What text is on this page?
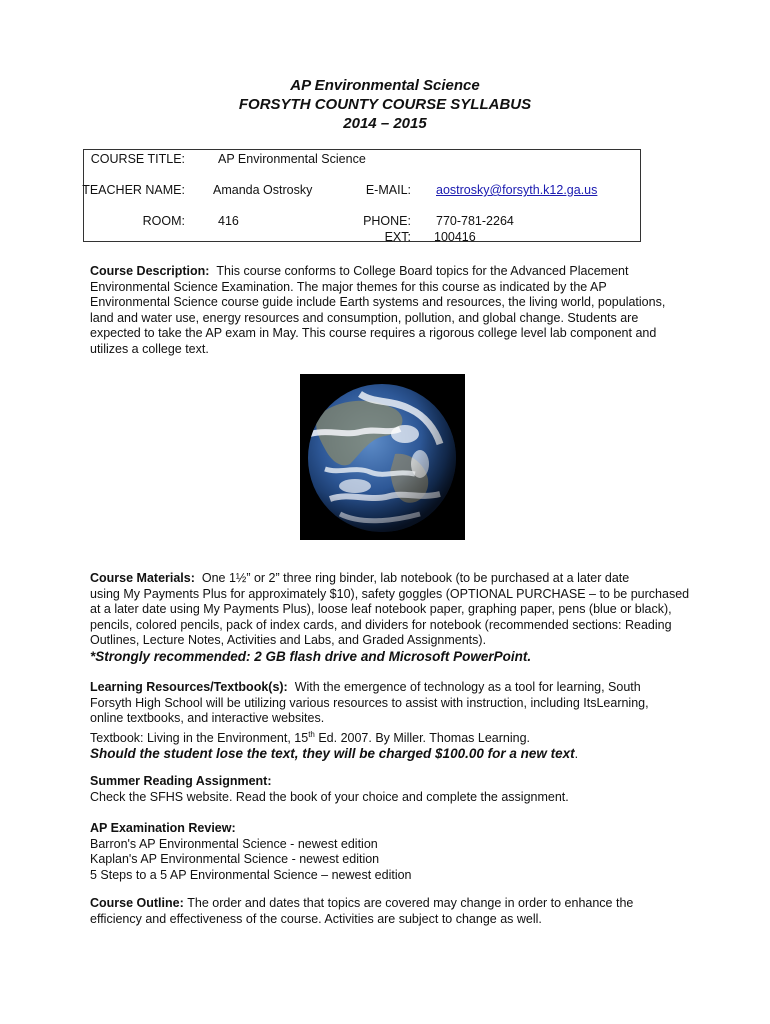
AP Environmental Science
FORSYTH COUNTY COURSE SYLLABUS
2014 – 2015
COURSE TITLE:	AP Environmental Science
TEACHER NAME: Amanda Ostrosky	E-MAIL: aostrosky@forsyth.k12.ga.us
ROOM:	416	PHONE: 770-781-2264
EXT: 100416
Course Description: This course conforms to College Board topics for the Advanced Placement
Environmental Science Examination. The major themes for this course as indicated by the AP
Environmental Science course guide include Earth systems and resources, the living world, populations,
land and water use, energy resources and consumption, pollution, and global change. Students are
expected to take the AP exam in May. This course requires a rigorous college level lab component and
utilizes a college text.
Course Materials: One 1½” or 2” three ring binder, lab notebook (to be purchased at a later date
using My Payments Plus for approximately $10), safety goggles (OPTIONAL PURCHASE – to be purchased
at a later date using My Payments Plus), loose leaf notebook paper, graphing paper, pens (blue or black),
pencils, colored pencils, pack of index cards, and dividers for notebook (recommended sections: Reading
Outlines, Lecture Notes, Activities and Labs, and Graded Assignments).
*Strongly recommended: 2 GB flash drive and Microsoft PowerPoint.
Learning Resources/Textbook(s): With the emergence of technology as a tool for learning, South
Forsyth High School will be utilizing various resources to assist with instruction, including ItsLearning,
online textbooks, and interactive websites.
Textbook: Living in the Environment, 15th Ed. 2007. By Miller. Thomas Learning.
Should the student lose the text, they will be charged $100.00 for a new text.
Summer Reading Assignment:
Check the SFHS website. Read the book of your choice and complete the assignment.
AP Examination Review:
Barron's AP Environmental Science - newest edition
Kaplan's AP Environmental Science - newest edition
5 Steps to a 5 AP Environmental Science – newest edition
Course Outline: The order and dates that topics are covered may change in order to enhance the
efficiency and effectiveness of the course. Activities are subject to change as well.
